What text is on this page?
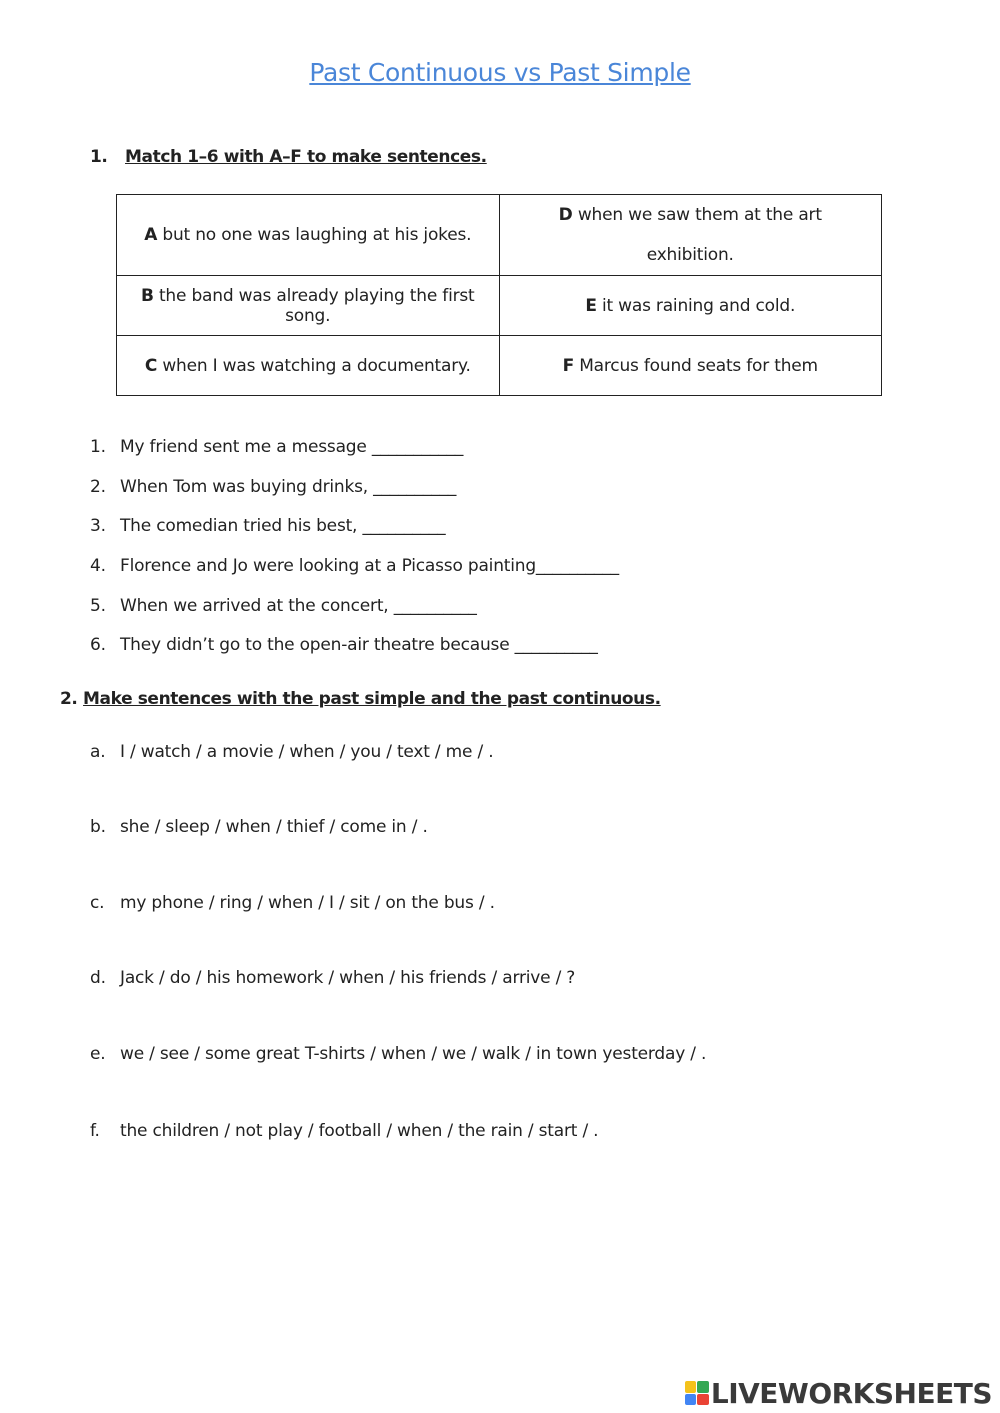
Past Continuous vs Past Simple
1. Match 1–6 with A–F to make sentences.
A but no one was laughing at his jokes.	D when we saw them at the art exhibition.

B the band was already playing the first song.	E it was raining and cold.
C when I was watching a documentary.	F Marcus found seats for them
1. My friend sent me a message ___________
2. When Tom was buying drinks, __________
3. The comedian tried his best, __________
4. Florence and Jo were looking at a Picasso painting__________
5. When we arrived at the concert, __________
6. They didn’t go to the open-air theatre because __________
2. Make sentences with the past simple and the past continuous.
a. I / watch / a movie / when / you / text / me / .
b. she / sleep / when / thief / come in / .
c. my phone / ring / when / I / sit / on the bus / .
d. Jack / do / his homework / when / his friends / arrive / ?
e. we / see / some great T-shirts / when / we / walk / in town yesterday / .
f. the children / not play / football / when / the rain / start / .
LIVEWORKSHEETS
